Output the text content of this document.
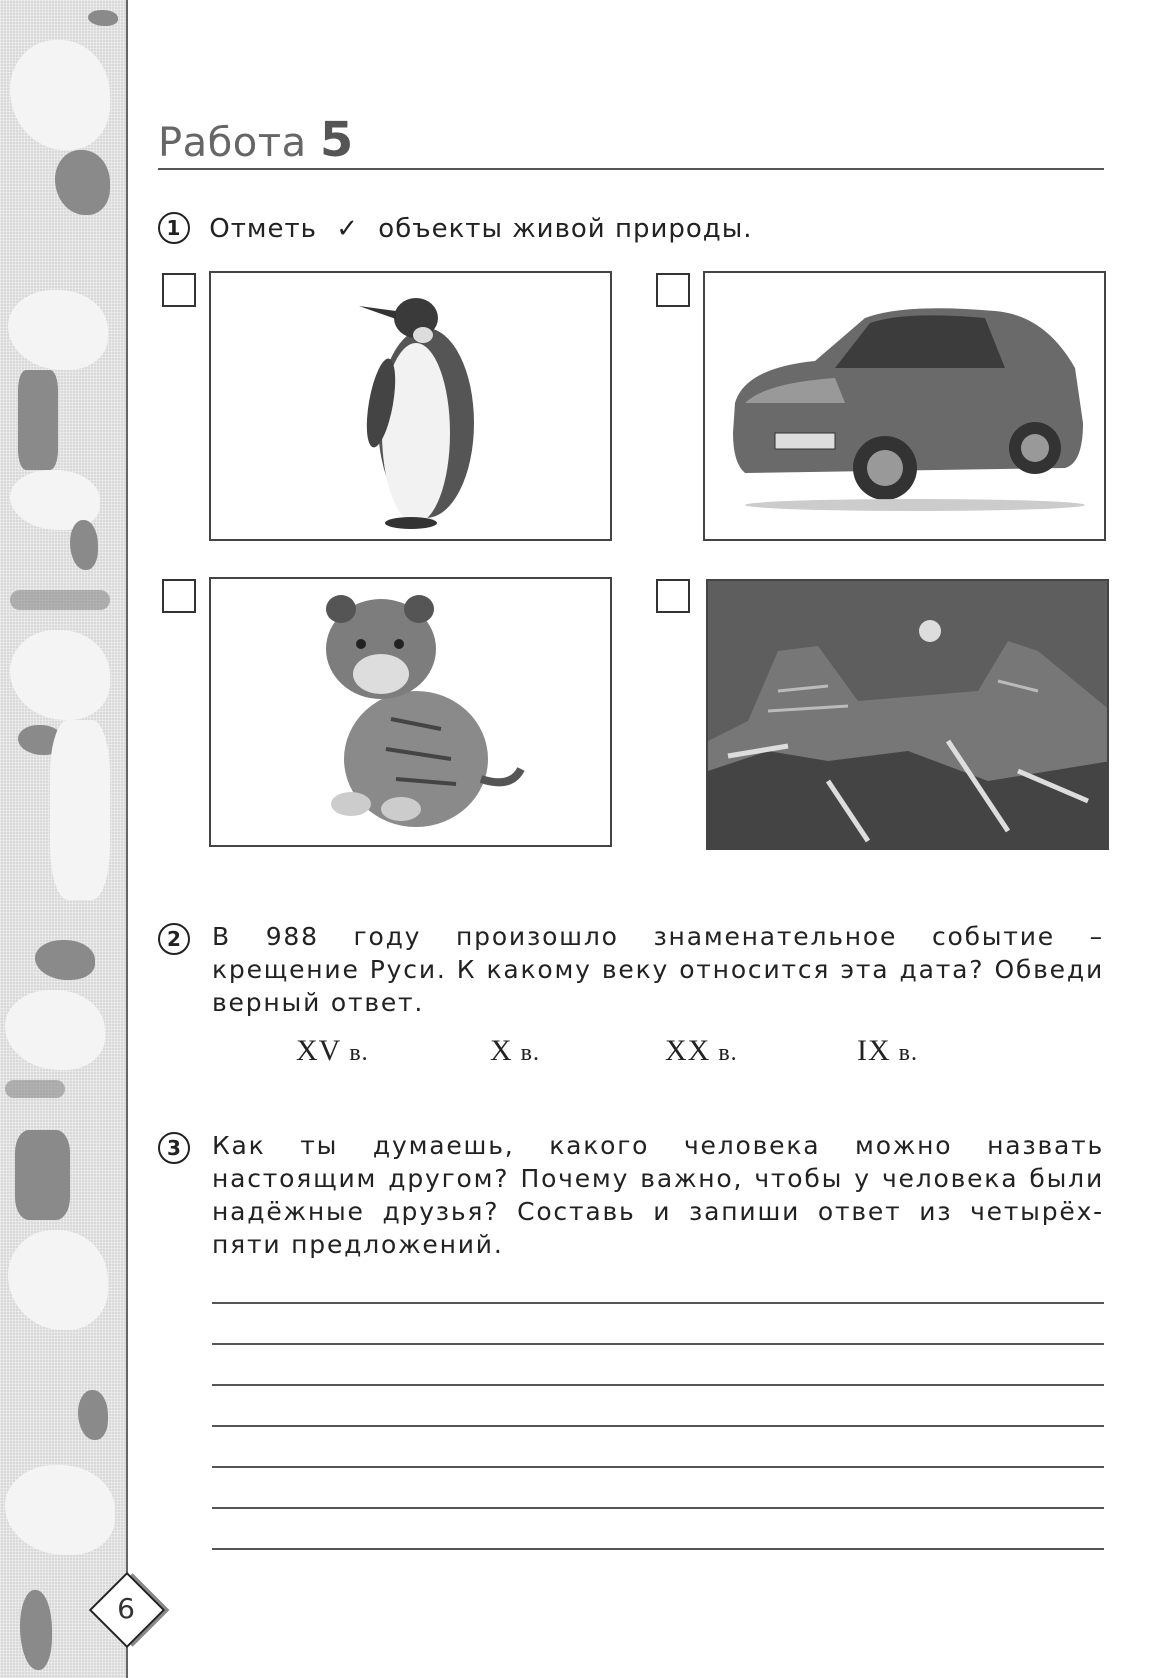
Работа 5
1 Отметь ✓ объекты живой природы.
2	В 988 году произошло знаменательное событие – крещение Руси. К какому веку относится эта дата? Обведи верный ответ.
XV в.	X в.	XX в.	IX в.
3	Как ты думаешь, какого человека можно назвать настоящим другом? Почему важно, чтобы у человека были надёжные друзья? Составь и запиши ответ из четырёх-пяти предложений.
6
